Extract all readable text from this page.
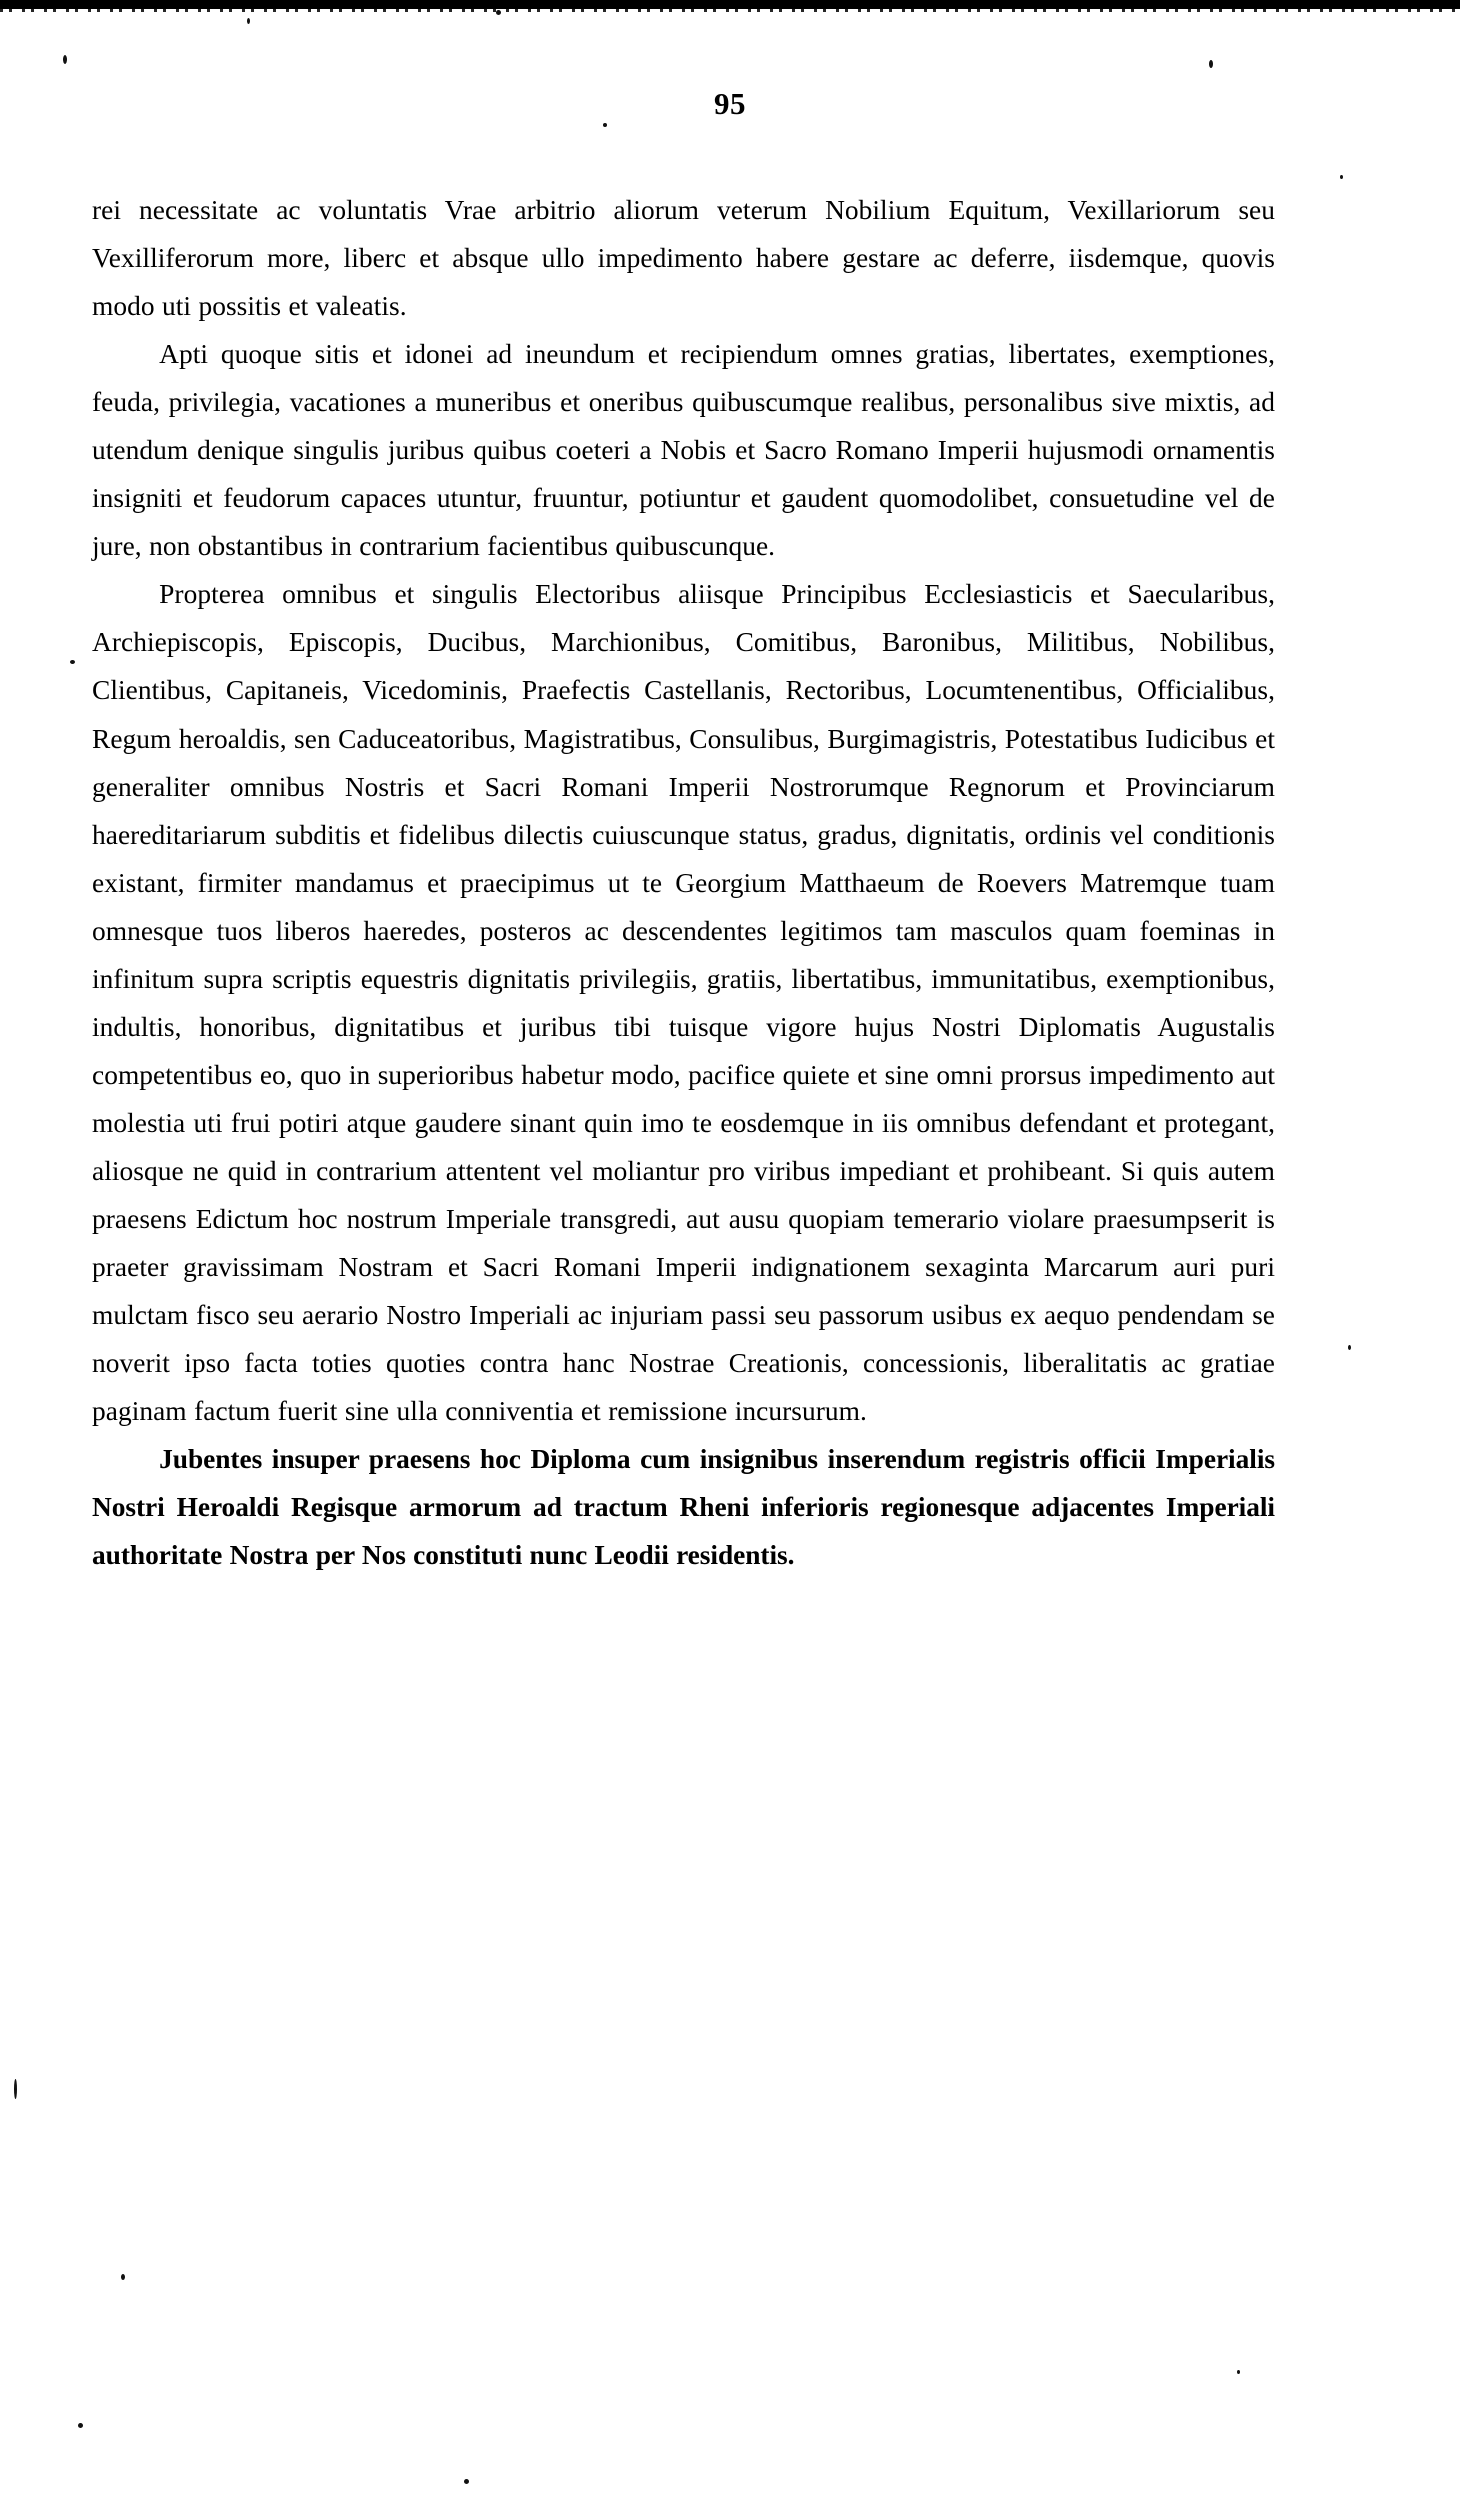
95

rei necessitate ac voluntatis Vrae arbitrio aliorum veterum Nobilium Equitum, Vexillariorum seu Vexilliferorum more, liberc et absque ullo impedimento habere gestare ac deferre, iisdemque, quovis modo uti possitis et valeatis.

Apti quoque sitis et idonei ad ineundum et recipiendum omnes gratias, libertates, exemptiones, feuda, privilegia, vacationes a muneribus et oneribus quibuscumque realibus, personalibus sive mixtis, ad utendum denique singulis juribus quibus coeteri a Nobis et Sacro Romano Imperii hujusmodi ornamentis insigniti et feudorum capaces utuntur, fruuntur, potiuntur et gaudent quomodolibet, consuetudine vel de jure, non obstantibus in contrarium facientibus quibuscunque.

Propterea omnibus et singulis Electoribus aliisque Principibus Ecclesiasticis et Saecularibus, Archiepiscopis, Episcopis, Ducibus, Marchionibus, Comitibus, Baronibus, Militibus, Nobilibus, Clientibus, Capitaneis, Vicedominis, Praefectis Castellanis, Rectoribus, Locumtenentibus, Officialibus, Regum heroaldis, sen Caduceatoribus, Magistratibus, Consulibus, Burgimagistris, Potestatibus Iudicibus et generaliter omnibus Nostris et Sacri Romani Imperii Nostrorumque Regnorum et Provinciarum haereditariarum subditis et fidelibus dilectis cuiuscunque status, gradus, dignitatis, ordinis vel conditionis existant, firmiter mandamus et praecipimus ut te Georgium Matthaeum de Roevers Matremque tuam omnesque tuos liberos haeredes, posteros ac descendentes legitimos tam masculos quam foeminas in infinitum supra scriptis equestris dignitatis privilegiis, gratiis, libertatibus, immunitatibus, exemptionibus, indultis, honoribus, dignitatibus et juribus tibi tuisque vigore hujus Nostri Diplomatis Augustalis competentibus eo, quo in superioribus habetur modo, pacifice quiete et sine omni prorsus impedimento aut molestia uti frui potiri atque gaudere sinant quin imo te eosdemque in iis omnibus defendant et protegant, aliosque ne quid in contrarium attentent vel moliantur pro viribus impediant et prohibeant. Si quis autem praesens Edictum hoc nostrum Imperiale transgredi, aut ausu quopiam temerario violare praesumpserit is praeter gravissimam Nostram et Sacri Romani Imperii indignationem sexaginta Marcarum auri puri mulctam fisco seu aerario Nostro Imperiali ac injuriam passi seu passorum usibus ex aequo pendendam se noverit ipso facta toties quoties contra hanc Nostrae Creationis, concessionis, liberalitatis ac gratiae paginam factum fuerit sine ulla conniventia et remissione incursurum.

Jubentes insuper praesens hoc Diploma cum insignibus inserendum registris officii Imperialis Nostri Heroaldi Regisque armorum ad tractum Rheni inferioris regionesque adjacentes Imperiali authoritate Nostra per Nos constituti nunc Leodii residentis.
